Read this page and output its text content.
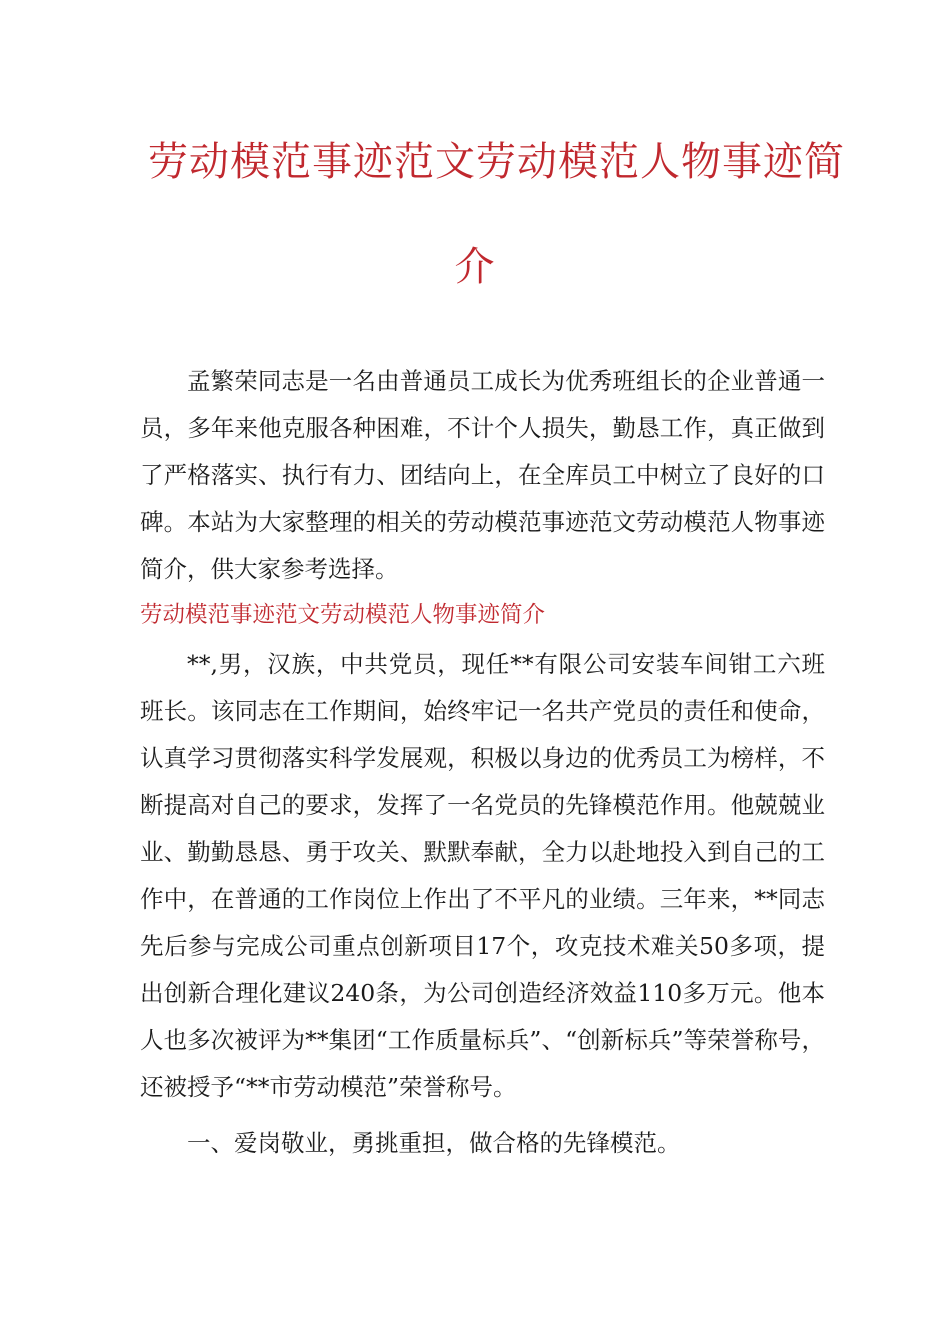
劳动模范事迹范文劳动模范人物事迹简
介

孟繁荣同志是一名由普通员工成长为优秀班组长的企业普通一员，多年来他克服各种困难，不计个人损失，勤恳工作，真正做到了严格落实、执行有力、团结向上，在全库员工中树立了良好的口碑。本站为大家整理的相关的劳动模范事迹范文劳动模范人物事迹简介，供大家参考选择。

劳动模范事迹范文劳动模范人物事迹简介

**,男，汉族，中共党员，现任**有限公司安装车间钳工六班班长。该同志在工作期间，始终牢记一名共产党员的责任和使命，认真学习贯彻落实科学发展观，积极以身边的优秀员工为榜样，不断提高对自己的要求，发挥了一名党员的先锋模范作用。他兢兢业业、勤勤恳恳、勇于攻关、默默奉献，全力以赴地投入到自己的工作中，在普通的工作岗位上作出了不平凡的业绩。三年来，**同志先后参与完成公司重点创新项目17个，攻克技术难关50多项，提出创新合理化建议240条，为公司创造经济效益110多万元。他本人也多次被评为**集团“工作质量标兵”、“创新标兵”等荣誉称号，还被授予“**市劳动模范”荣誉称号。

一、爱岗敬业，勇挑重担，做合格的先锋模范。
